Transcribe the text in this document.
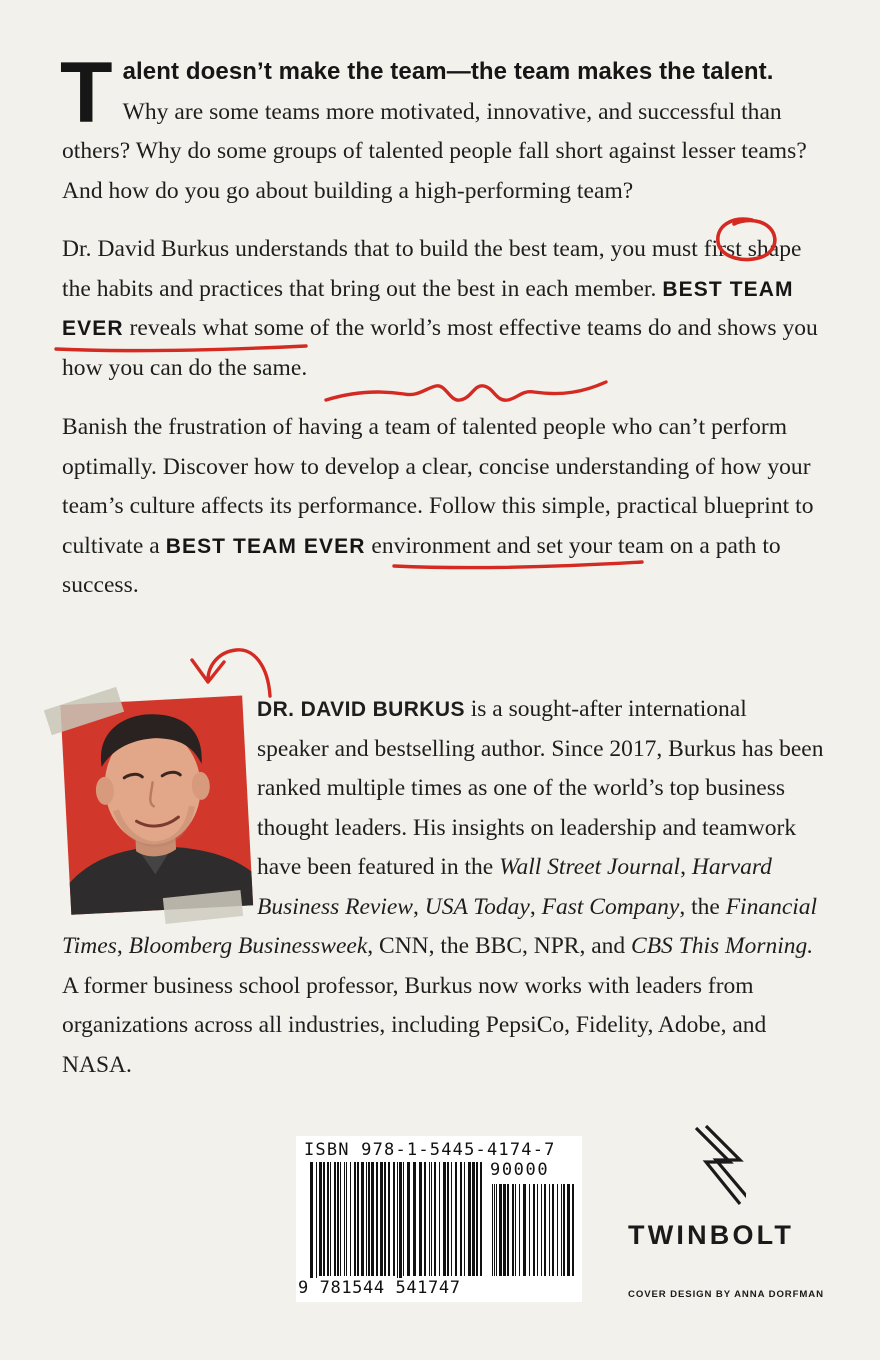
Talent doesn’t make the team—the team makes the talent. Why are some teams more motivated, innovative, and successful than others? Why do some groups of talented people fall short against lesser teams? And how do you go about building a high-performing team?
Dr. David Burkus understands that to build the best team, you must first shape the habits and practices that bring out the best in each member. BEST TEAM EVER reveals what some of the world’s most effective teams do and shows you how you can do the same.
Banish the frustration of having a team of talented people who can’t perform optimally. Discover how to develop a clear, concise understanding of how your team’s culture affects its performance. Follow this simple, practical blueprint to cultivate a BEST TEAM EVER environment and set your team on a path to success.
DR. DAVID BURKUS is a sought-after international speaker and bestselling author. Since 2017, Burkus has been ranked multiple times as one of the world’s top business thought leaders. His insights on leadership and teamwork have been featured in the Wall Street Journal, Harvard Business Review, USA Today, Fast Company, the Financial Times, Bloomberg Businessweek, CNN, the BBC, NPR, and CBS This Morning. A former business school professor, Burkus now works with leaders from organizations across all industries, including PepsiCo, Fidelity, Adobe, and NASA.
ISBN 978-1-5445-4174-7
90000
9 781544 541747
TWINBOLT
COVER DESIGN BY ANNA DORFMAN
